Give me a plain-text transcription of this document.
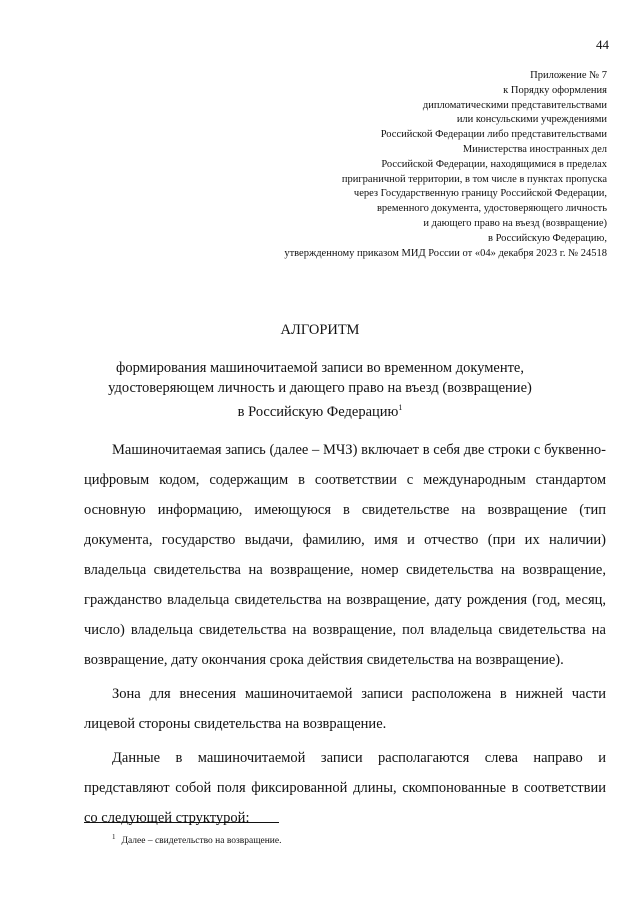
44
Приложение № 7
к Порядку оформления
дипломатическими представительствами
или консульскими учреждениями
Российской Федерации либо представительствами
Министерства иностранных дел
Российской Федерации, находящимися в пределах
приграничной территории, в том числе в пунктах пропуска
через Государственную границу Российской Федерации,
временного документа, удостоверяющего личность
и дающего право на въезд (возвращение)
в Российскую Федерацию,
утвержденному приказом МИД России от «04» декабря 2023 г. № 24518
АЛГОРИТМ
формирования машиночитаемой записи во временном документе,
удостоверяющем личность и дающего право на въезд (возвращение)
в Российскую Федерацию$^1$

Машиночитаемая запись (далее – МЧЗ) включает в себя две строки с буквенно-цифровым кодом, содержащим в соответствии с международным стандартом основную информацию, имеющуюся в свидетельстве на возвращение (тип документа, государство выдачи, фамилию, имя и отчество (при их наличии) владельца свидетельства на возвращение, номер свидетельства на возвращение, гражданство владельца свидетельства на возвращение, дату рождения (год, месяц, число) владельца свидетельства на возвращение, пол владельца свидетельства на возвращение, дату окончания срока действия свидетельства на возвращение).

Зона для внесения машиночитаемой записи расположена в нижней части лицевой стороны свидетельства на возвращение.

Данные в машиночитаемой записи располагаются слева направо и представляют собой поля фиксированной длины, скомпонованные в соответствии со следующей структурой:

$^1$ Далее – свидетельство на возвращение.
